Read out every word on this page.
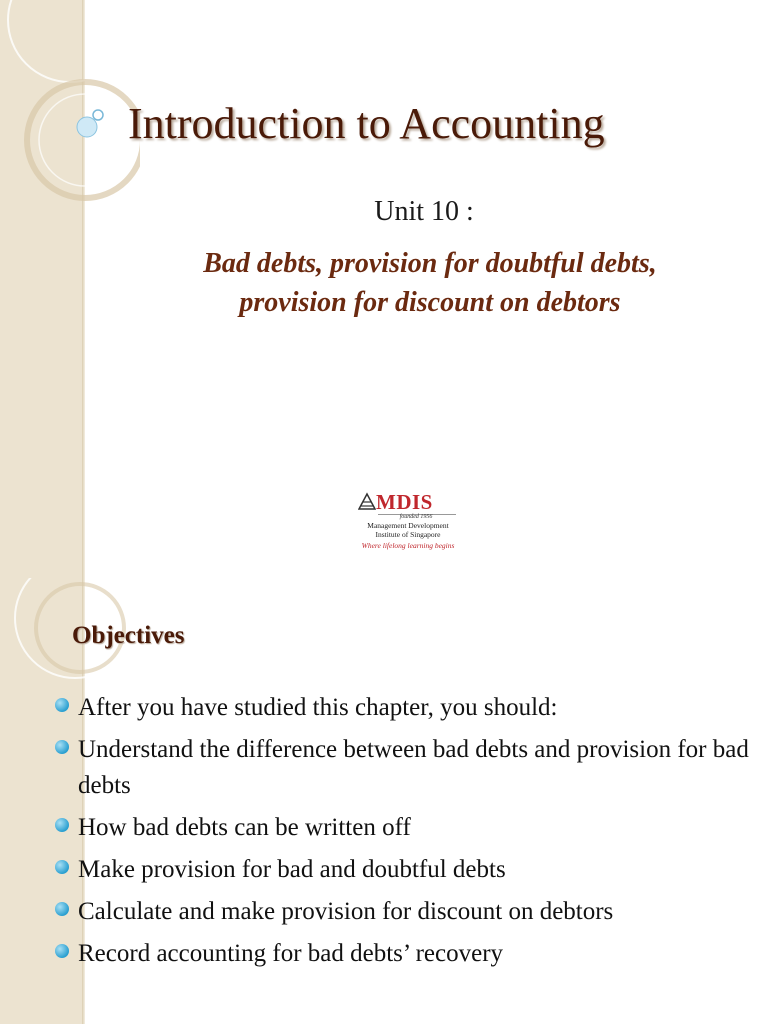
Introduction to Accounting
Unit 10 :
Bad debts, provision for doubtful debts,
provision for discount on debtors
MDIS
founded 1956
Management Development
Institute of Singapore
Where lifelong learning begins
Objectives
After you have studied this chapter, you should:
Understand the difference between bad debts and provision for bad debts
How bad debts can be written off
Make provision for bad and doubtful debts
Calculate and make provision for discount on debtors
Record accounting for bad debts’ recovery
